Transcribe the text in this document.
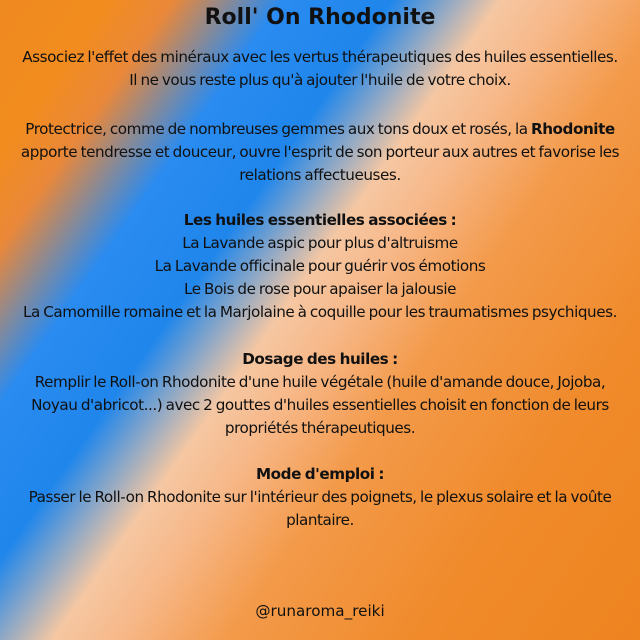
Roll' On Rhodonite

Associez l'effet des minéraux avec les vertus thérapeutiques des huiles essentielles.

Il ne vous reste plus qu'à ajouter l'huile de votre choix.

Protectrice, comme de nombreuses gemmes aux tons doux et rosés, la Rhodonite apporte tendresse et douceur, ouvre l'esprit de son porteur aux autres et favorise les relations affectueuses.

Les huiles essentielles associées :

La Lavande aspic pour plus d'altruisme

La Lavande officinale pour guérir vos émotions

Le Bois de rose pour apaiser la jalousie

La Camomille romaine et la Marjolaine à coquille pour les traumatismes psychiques.

Dosage des huiles :

Remplir le Roll-on Rhodonite d'une huile végétale (huile d'amande douce, Jojoba, Noyau d'abricot...) avec 2 gouttes d'huiles essentielles choisit en fonction de leurs propriétés thérapeutiques.

Mode d'emploi :

Passer le Roll-on Rhodonite sur l'intérieur des poignets, le plexus solaire et la voûte plantaire.

@runaroma_reiki
